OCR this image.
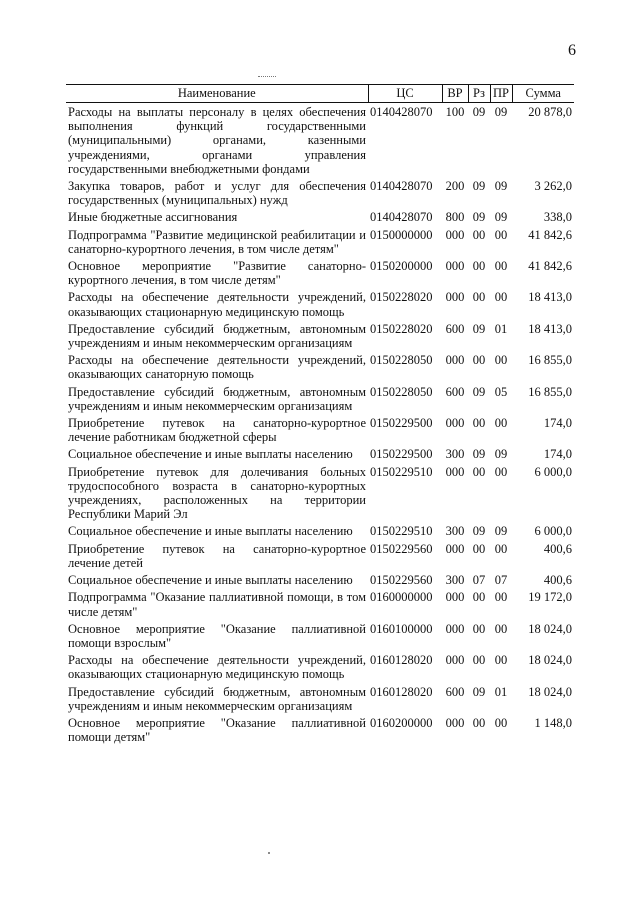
6
Наименование	ЦС	ВР	Рз	ПР	Сумма
Расходы на выплаты персоналу в целях обеспечения выполнения функций государственными (муниципальными) органами, казенными учреждениями, органами управления государственными внебюджетными фондами	0140428070	100	09	09	20 878,0
Закупка товаров, работ и услуг для обеспечения государственных (муниципальных) нужд	0140428070	200	09	09	3 262,0
Иные бюджетные ассигнования	0140428070	800	09	09	338,0
Подпрограмма "Развитие медицинской реабилитации и санаторно-курортного лечения, в том числе детям"	0150000000	000	00	00	41 842,6
Основное мероприятие "Развитие санаторно-курортного лечения, в том числе детям"	0150200000	000	00	00	41 842,6
Расходы на обеспечение деятельности учреждений, оказывающих стационарную медицинскую помощь	0150228020	000	00	00	18 413,0
Предоставление субсидий бюджетным, автономным учреждениям и иным некоммерческим организациям	0150228020	600	09	01	18 413,0
Расходы на обеспечение деятельности учреждений, оказывающих санаторную помощь	0150228050	000	00	00	16 855,0
Предоставление субсидий бюджетным, автономным учреждениям и иным некоммерческим организациям	0150228050	600	09	05	16 855,0
Приобретение путевок на санаторно-курортное лечение работникам бюджетной сферы	0150229500	000	00	00	174,0
Социальное обеспечение и иные выплаты населению	0150229500	300	09	09	174,0
Приобретение путевок для долечивания больных трудоспособного возраста в санаторно-курортных учреждениях, расположенных на территории Республики Марий Эл	0150229510	000	00	00	6 000,0
Социальное обеспечение и иные выплаты населению	0150229510	300	09	09	6 000,0
Приобретение путевок на санаторно-курортное лечение детей	0150229560	000	00	00	400,6
Социальное обеспечение и иные выплаты населению	0150229560	300	07	07	400,6
Подпрограмма "Оказание паллиативной помощи, в том числе детям"	0160000000	000	00	00	19 172,0
Основное мероприятие "Оказание паллиативной помощи взрослым"	0160100000	000	00	00	18 024,0
Расходы на обеспечение деятельности учреждений, оказывающих стационарную медицинскую помощь	0160128020	000	00	00	18 024,0
Предоставление субсидий бюджетным, автономным учреждениям и иным некоммерческим организациям	0160128020	600	09	01	18 024,0
Основное мероприятие "Оказание паллиативной помощи детям"	0160200000	000	00	00	1 148,0
